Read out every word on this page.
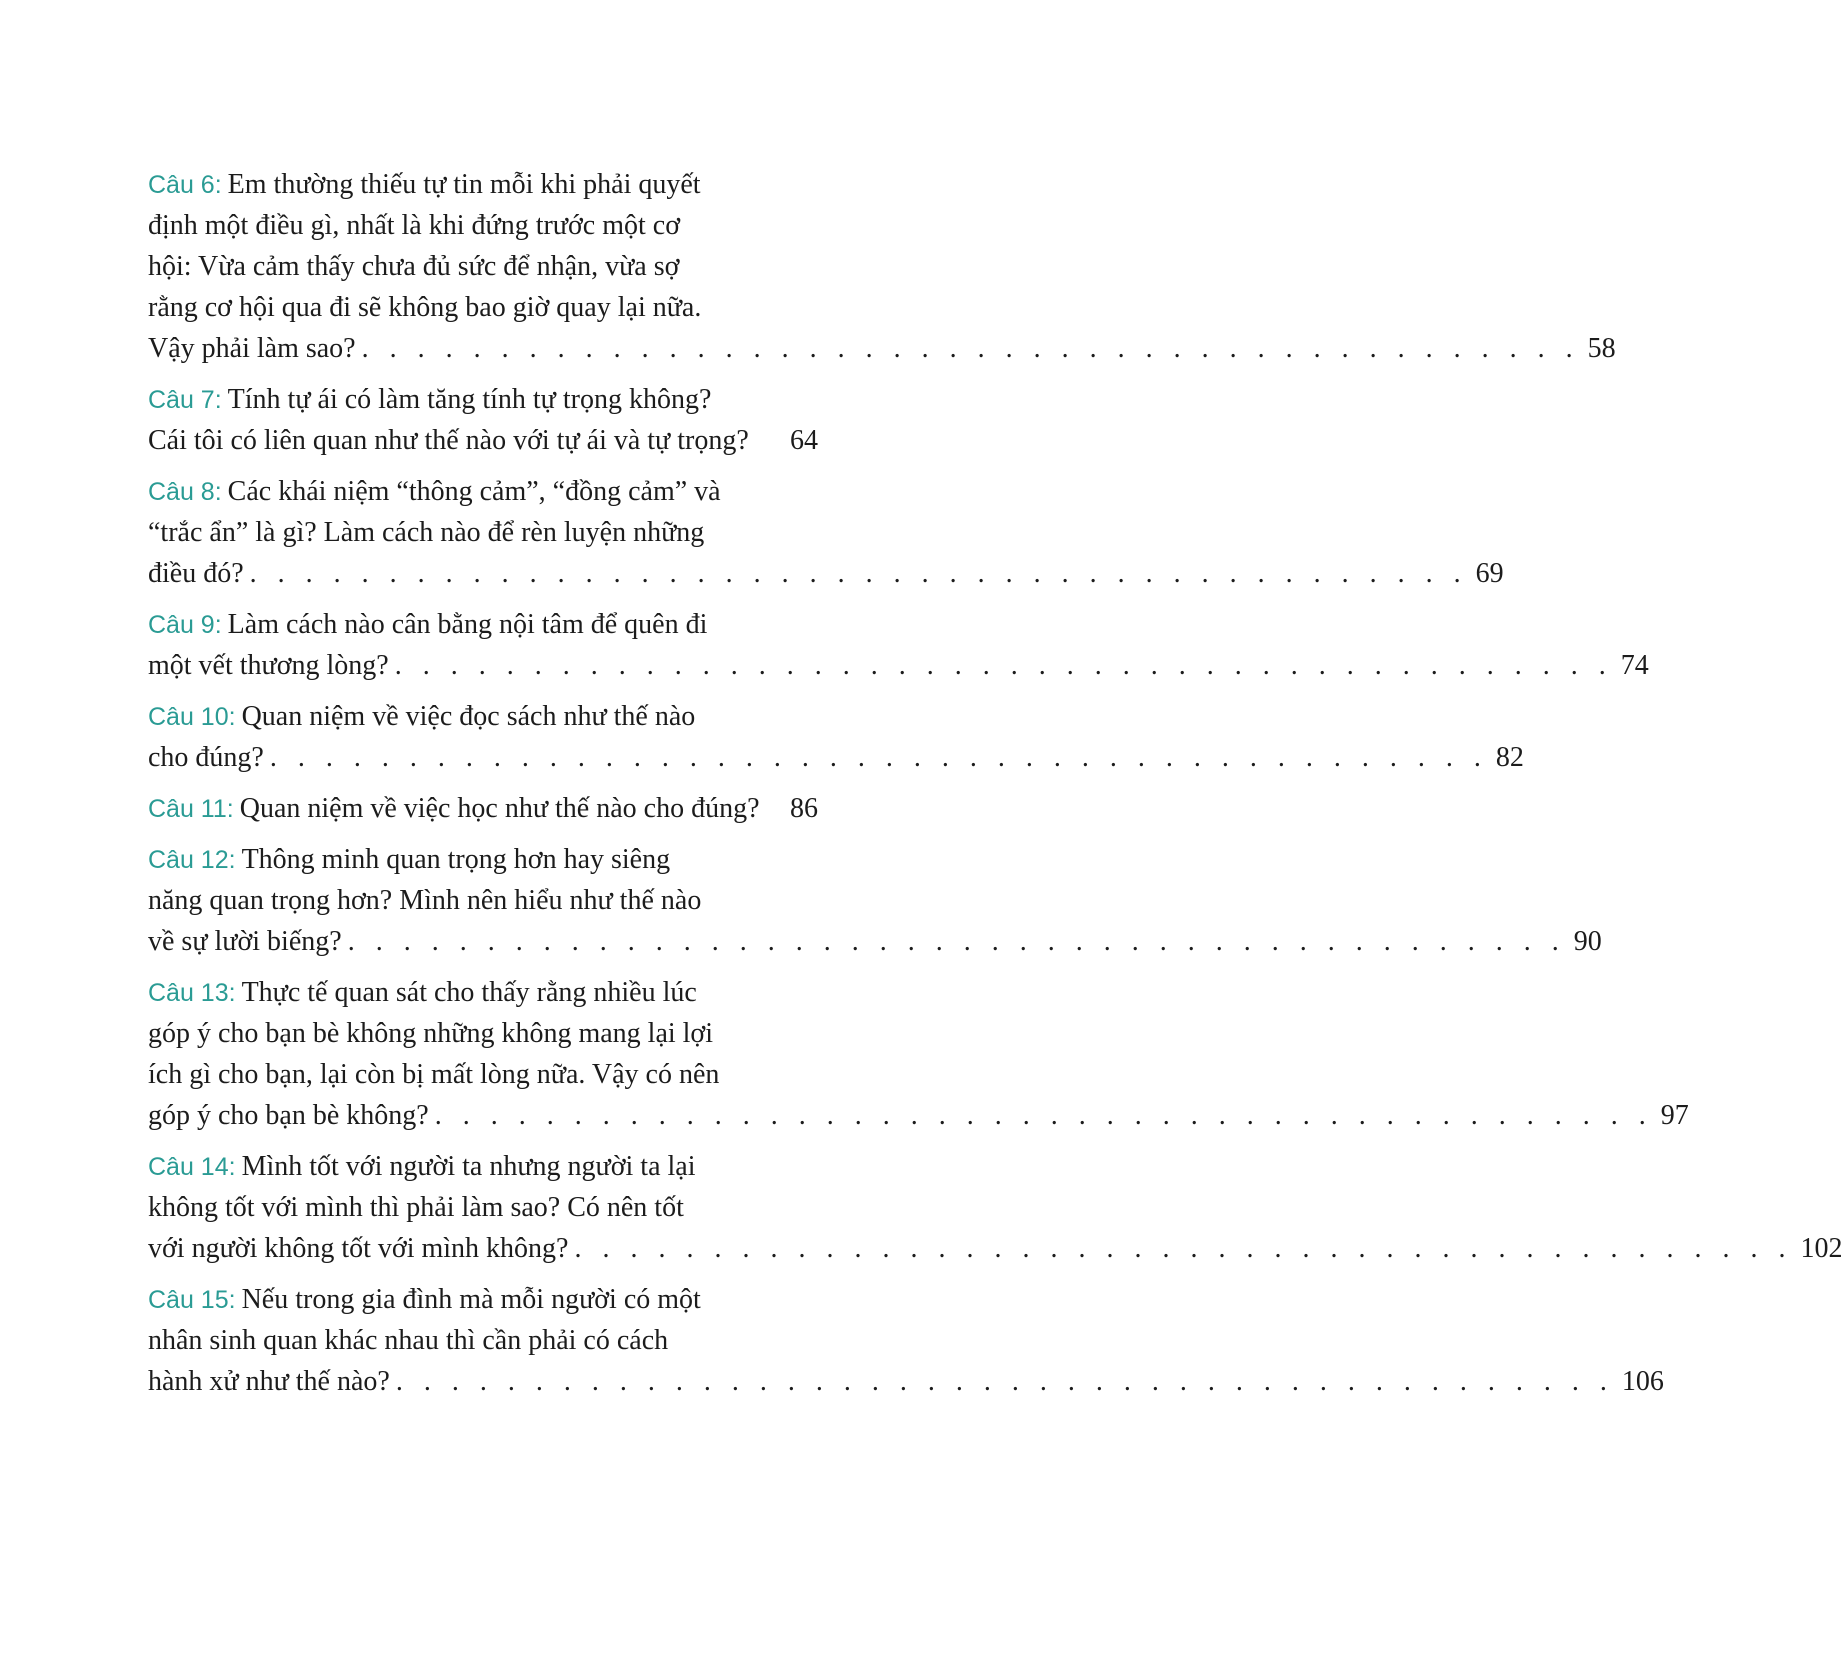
Câu 6: Em thường thiếu tự tin mỗi khi phải quyết
định một điều gì, nhất là khi đứng trước một cơ
hội: Vừa cảm thấy chưa đủ sức để nhận, vừa sợ
rằng cơ hội qua đi sẽ không bao giờ quay lại nữa.
Vậy phải làm sao? . . . . . . . . . . . . . . . . . . . . . . . . . . . . . . . . . . . . . . . . . . . . 58
Câu 7: Tính tự ái có làm tăng tính tự trọng không?
Cái tôi có liên quan như thế nào với tự ái và tự trọng?	64
Câu 8: Các khái niệm “thông cảm”, “đồng cảm” và
“trắc ẩn” là gì? Làm cách nào để rèn luyện những
điều đó? . . . . . . . . . . . . . . . . . . . . . . . . . . . . . . . . . . . . . . . . . . . . 69
Câu 9: Làm cách nào cân bằng nội tâm để quên đi
một vết thương lòng? . . . . . . . . . . . . . . . . . . . . . . . . . . . . . . . . . . . . . . . . . . . . 74
Câu 10: Quan niệm về việc đọc sách như thế nào
cho đúng? . . . . . . . . . . . . . . . . . . . . . . . . . . . . . . . . . . . . . . . . . . . . 82
Câu 11: Quan niệm về việc học như thế nào cho đúng?	86
Câu 12: Thông minh quan trọng hơn hay siêng
năng quan trọng hơn? Mình nên hiểu như thế nào
về sự lười biếng? . . . . . . . . . . . . . . . . . . . . . . . . . . . . . . . . . . . . . . . . . . . . 90
Câu 13: Thực tế quan sát cho thấy rằng nhiều lúc
góp ý cho bạn bè không những không mang lại lợi
ích gì cho bạn, lại còn bị mất lòng nữa. Vậy có nên
góp ý cho bạn bè không? . . . . . . . . . . . . . . . . . . . . . . . . . . . . . . . . . . . . . . . . . . . . 97
Câu 14: Mình tốt với người ta nhưng người ta lại
không tốt với mình thì phải làm sao? Có nên tốt
với người không tốt với mình không? . . . . . . . . . . . . . . . . . . . . . . . . . . . . . . . . . . . . . . . . . . . . 102
Câu 15: Nếu trong gia đình mà mỗi người có một
nhân sinh quan khác nhau thì cần phải có cách
hành xử như thế nào? . . . . . . . . . . . . . . . . . . . . . . . . . . . . . . . . . . . . . . . . . . . . 106
